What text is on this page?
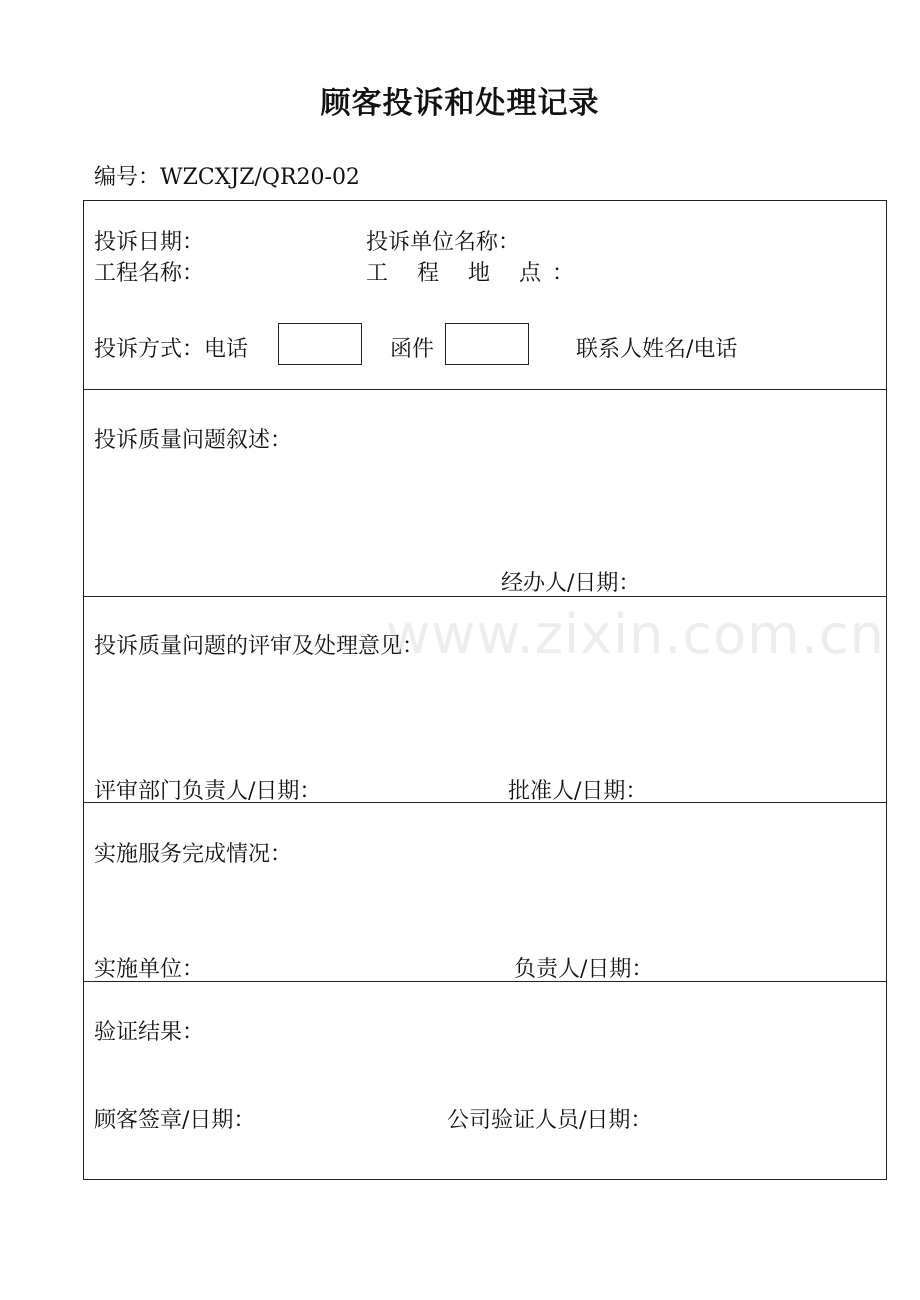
顾客投诉和处理记录
编号：WZCXJZ/QR20-02
投诉日期：	投诉单位名称：
工程名称：	工 程 地 点：
投诉方式：电话	函件	联系人姓名/电话
投诉质量问题叙述：
经办人/日期：
投诉质量问题的评审及处理意见：
评审部门负责人/日期：	批准人/日期：
实施服务完成情况：
实施单位：	负责人/日期：
验证结果：
顾客签章/日期：	公司验证人员/日期：
www.zixin.com.cn
